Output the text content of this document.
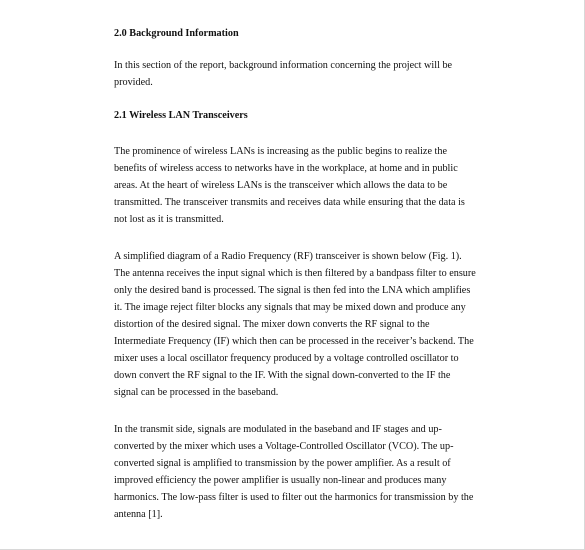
2.0 Background Information
In this section of the report, background information concerning the project will be
provided.
2.1 Wireless LAN Transceivers
The prominence of wireless LANs is increasing as the public begins to realize the
benefits of wireless access to networks have in the workplace, at home and in public
areas. At the heart of wireless LANs is the transceiver which allows the data to be
transmitted. The transceiver transmits and receives data while ensuring that the data is
not lost as it is transmitted.
A simplified diagram of a Radio Frequency (RF) transceiver is shown below (Fig. 1).
The antenna receives the input signal which is then filtered by a bandpass filter to ensure
only the desired band is processed. The signal is then fed into the LNA which amplifies
it. The image reject filter blocks any signals that may be mixed down and produce any
distortion of the desired signal. The mixer down converts the RF signal to the
Intermediate Frequency (IF) which then can be processed in the receiver’s backend. The
mixer uses a local oscillator frequency produced by a voltage controlled oscillator to
down convert the RF signal to the IF. With the signal down-converted to the IF the
signal can be processed in the baseband.
In the transmit side, signals are modulated in the baseband and IF stages and up-
converted by the mixer which uses a Voltage-Controlled Oscillator (VCO). The up-
converted signal is amplified to transmission by the power amplifier. As a result of
improved efficiency the power amplifier is usually non-linear and produces many
harmonics. The low-pass filter is used to filter out the harmonics for transmission by the
antenna [1].
